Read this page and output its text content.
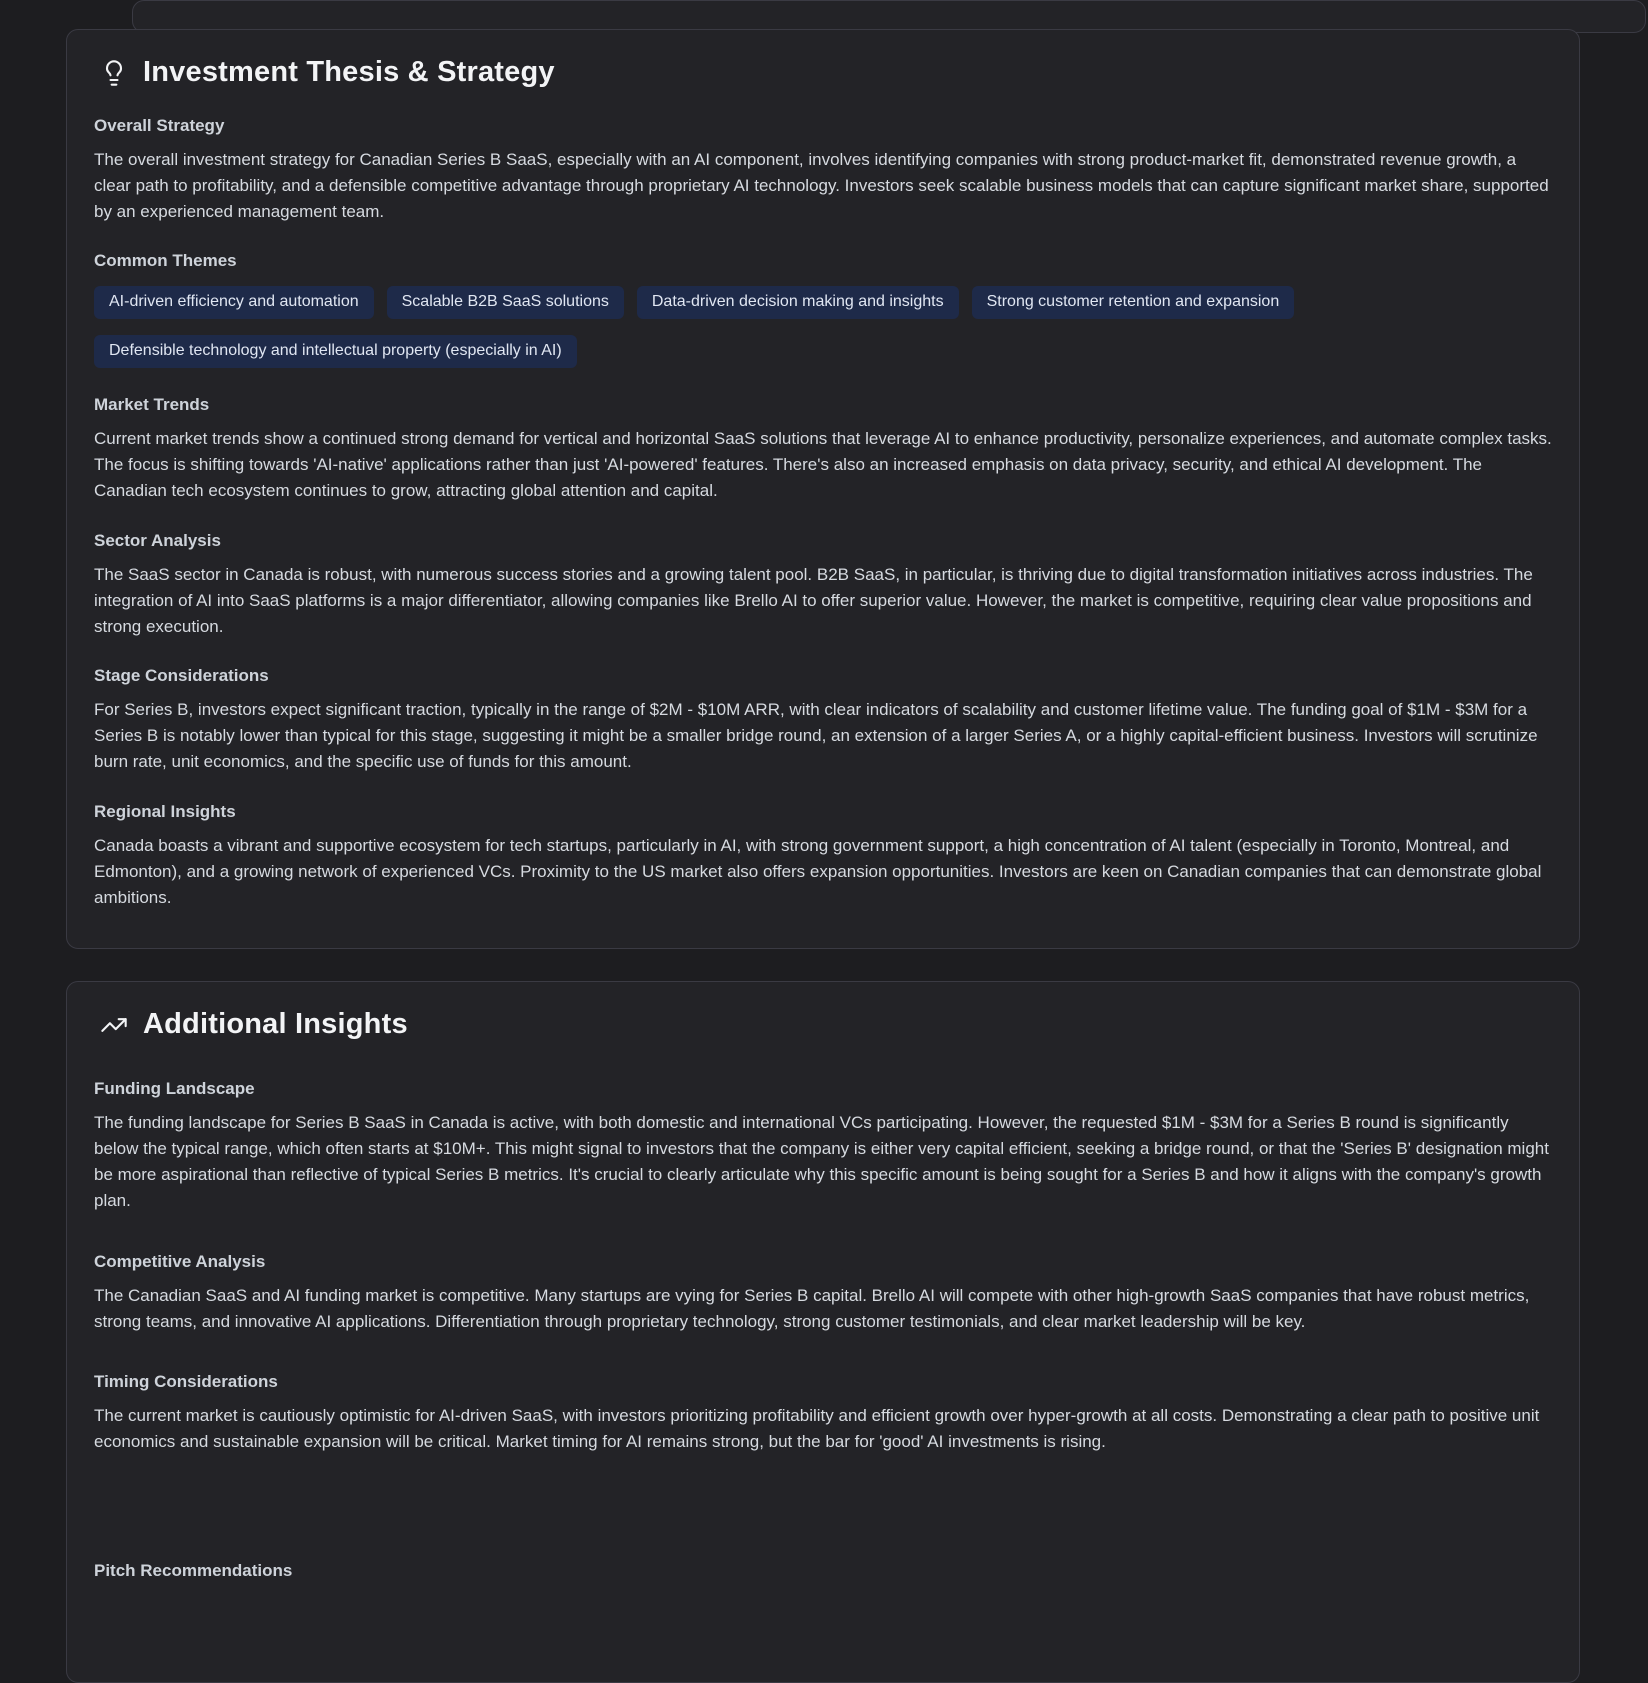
Investment Thesis & Strategy
Overall Strategy

The overall investment strategy for Canadian Series B SaaS, especially with an AI component, involves identifying companies with strong product-market fit, demonstrated revenue growth, a clear path to profitability, and a defensible competitive advantage through proprietary AI technology. Investors seek scalable business models that can capture significant market share, supported by an experienced management team.

Common Themes
AI-driven efficiency and automation	Scalable B2B SaaS solutions	Data-driven decision making and insights	Strong customer retention and expansion
Defensible technology and intellectual property (especially in AI)
Market Trends

Current market trends show a continued strong demand for vertical and horizontal SaaS solutions that leverage AI to enhance productivity, personalize experiences, and automate complex tasks. The focus is shifting towards 'AI-native' applications rather than just 'AI-powered' features. There's also an increased emphasis on data privacy, security, and ethical AI development. The Canadian tech ecosystem continues to grow, attracting global attention and capital.

Sector Analysis

The SaaS sector in Canada is robust, with numerous success stories and a growing talent pool. B2B SaaS, in particular, is thriving due to digital transformation initiatives across industries. The integration of AI into SaaS platforms is a major differentiator, allowing companies like Brello AI to offer superior value. However, the market is competitive, requiring clear value propositions and strong execution.

Stage Considerations

For Series B, investors expect significant traction, typically in the range of $2M - $10M ARR, with clear indicators of scalability and customer lifetime value. The funding goal of $1M - $3M for a Series B is notably lower than typical for this stage, suggesting it might be a smaller bridge round, an extension of a larger Series A, or a highly capital-efficient business. Investors will scrutinize burn rate, unit economics, and the specific use of funds for this amount.

Regional Insights

Canada boasts a vibrant and supportive ecosystem for tech startups, particularly in AI, with strong government support, a high concentration of AI talent (especially in Toronto, Montreal, and Edmonton), and a growing network of experienced VCs. Proximity to the US market also offers expansion opportunities. Investors are keen on Canadian companies that can demonstrate global ambitions.

Additional Insights
Funding Landscape

The funding landscape for Series B SaaS in Canada is active, with both domestic and international VCs participating. However, the requested $1M - $3M for a Series B round is significantly below the typical range, which often starts at $10M+. This might signal to investors that the company is either very capital efficient, seeking a bridge round, or that the 'Series B' designation might be more aspirational than reflective of typical Series B metrics. It's crucial to clearly articulate why this specific amount is being sought for a Series B and how it aligns with the company's growth plan.

Competitive Analysis

The Canadian SaaS and AI funding market is competitive. Many startups are vying for Series B capital. Brello AI will compete with other high-growth SaaS companies that have robust metrics, strong teams, and innovative AI applications. Differentiation through proprietary technology, strong customer testimonials, and clear market leadership will be key.

Timing Considerations

The current market is cautiously optimistic for AI-driven SaaS, with investors prioritizing profitability and efficient growth over hyper-growth at all costs. Demonstrating a clear path to positive unit economics and sustainable expansion will be critical. Market timing for AI remains strong, but the bar for 'good' AI investments is rising.

Pitch Recommendations
